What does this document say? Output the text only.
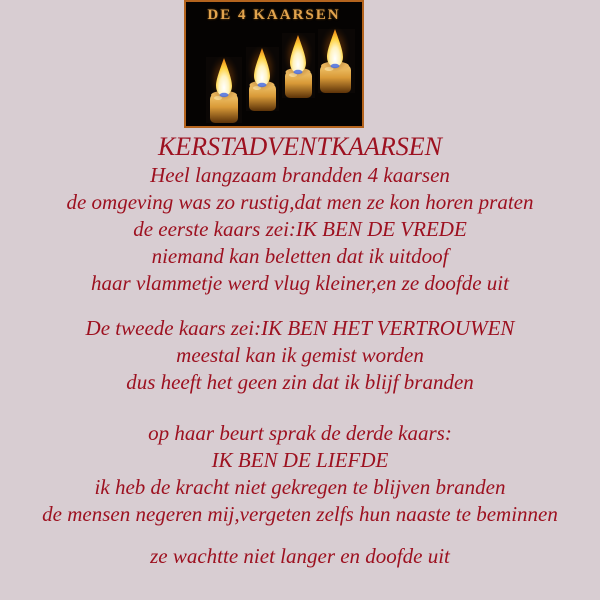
DE 4 KAARSEN
KERSTADVENTKAARSEN
Heel langzaam brandden 4 kaarsen
de omgeving was zo rustig,dat men ze kon horen praten
de eerste kaars zei:IK BEN DE VREDE
niemand kan beletten dat ik uitdoof
haar vlammetje werd vlug kleiner,en ze doofde uit
De tweede kaars zei:IK BEN HET VERTROUWEN
meestal kan ik gemist worden
dus heeft het geen zin dat ik blijf branden
op haar beurt sprak de derde kaars:
IK BEN DE LIEFDE
ik heb de kracht niet gekregen te blijven branden
de mensen negeren mij,vergeten zelfs hun naaste te beminnen
ze wachtte niet langer en doofde uit
